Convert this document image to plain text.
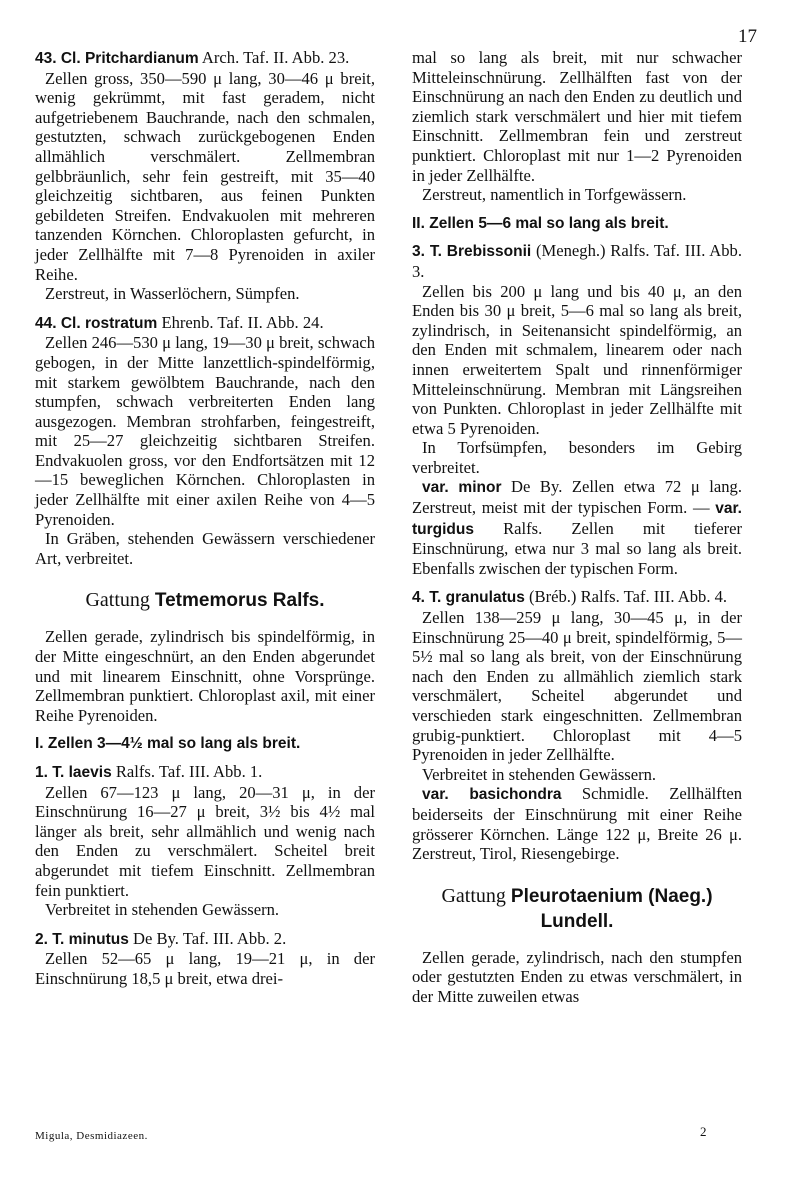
17

43. Cl. Pritchardianum Arch. Taf. II. Abb. 23.

Zellen gross, 350—590 μ lang, 30—46 μ breit, wenig gekrümmt, mit fast geradem, nicht aufgetriebenem Bauchrande, nach den schmalen, gestutzten, schwach zurückgebogenen Enden allmählich verschmälert. Zellmembran gelbbräunlich, sehr fein gestreift, mit 35—40 gleichzeitig sichtbaren, aus feinen Punkten gebildeten Streifen. Endvakuolen mit mehreren tanzenden Körnchen. Chloroplasten gefurcht, in jeder Zellhälfte mit 7—8 Pyrenoiden in axiler Reihe.

Zerstreut, in Wasserlöchern, Sümpfen.

44. Cl. rostratum Ehrenb. Taf. II. Abb. 24.

Zellen 246—530 μ lang, 19—30 μ breit, schwach gebogen, in der Mitte lanzettlich-spindelförmig, mit starkem gewölbtem Bauchrande, nach den stumpfen, schwach verbreiterten Enden lang ausgezogen. Membran strohfarben, feingestreift, mit 25—27 gleichzeitig sichtbaren Streifen. Endvakuolen gross, vor den Endfortsätzen mit 12—15 beweglichen Körnchen. Chloroplasten in jeder Zellhälfte mit einer axilen Reihe von 4—5 Pyrenoiden.

In Gräben, stehenden Gewässern verschiedener Art, verbreitet.

Gattung Tetmemorus Ralfs.

Zellen gerade, zylindrisch bis spindelförmig, in der Mitte eingeschnürt, an den Enden abgerundet und mit linearem Einschnitt, ohne Vorsprünge. Zellmembran punktiert. Chloroplast axil, mit einer Reihe Pyrenoiden.

I. Zellen 3—4½ mal so lang als breit.

1. T. laevis Ralfs. Taf. III. Abb. 1.

Zellen 67—123 μ lang, 20—31 μ, in der Einschnürung 16—27 μ breit, 3½ bis 4½ mal länger als breit, sehr allmählich und wenig nach den Enden zu verschmälert. Scheitel breit abgerundet mit tiefem Einschnitt. Zellmembran fein punktiert.

Verbreitet in stehenden Gewässern.

2. T. minutus De By. Taf. III. Abb. 2.

Zellen 52—65 μ lang, 19—21 μ, in der Einschnürung 18,5 μ breit, etwa drei-

mal so lang als breit, mit nur schwacher Mitteleinschnürung. Zellhälften fast von der Einschnürung an nach den Enden zu deutlich und ziemlich stark verschmälert und hier mit tiefem Einschnitt. Zellmembran fein und zerstreut punktiert. Chloroplast mit nur 1—2 Pyrenoiden in jeder Zellhälfte.

Zerstreut, namentlich in Torfgewässern.

II. Zellen 5—6 mal so lang als breit.

3. T. Brebissonii (Menegh.) Ralfs. Taf. III. Abb. 3.

Zellen bis 200 μ lang und bis 40 μ, an den Enden bis 30 μ breit, 5—6 mal so lang als breit, zylindrisch, in Seitenansicht spindelförmig, an den Enden mit schmalem, linearem oder nach innen erweitertem Spalt und rinnenförmiger Mitteleinschnürung. Membran mit Längsreihen von Punkten. Chloroplast in jeder Zellhälfte mit etwa 5 Pyrenoiden.

In Torfsümpfen, besonders im Gebirg verbreitet.

var. minor De By. Zellen etwa 72 μ lang. Zerstreut, meist mit der typischen Form. — var. turgidus Ralfs. Zellen mit tieferer Einschnürung, etwa nur 3 mal so lang als breit. Ebenfalls zwischen der typischen Form.

4. T. granulatus (Bréb.) Ralfs. Taf. III. Abb. 4.

Zellen 138—259 μ lang, 30—45 μ, in der Einschnürung 25—40 μ breit, spindelförmig, 5—5½ mal so lang als breit, von der Einschnürung nach den Enden zu allmählich ziemlich stark verschmälert, Scheitel abgerundet und verschieden stark eingeschnitten. Zellmembran grubig-punktiert. Chloroplast mit 4—5 Pyrenoiden in jeder Zellhälfte.

Verbreitet in stehenden Gewässern.

var. basichondra Schmidle. Zellhälften beiderseits der Einschnürung mit einer Reihe grösserer Körnchen. Länge 122 μ, Breite 26 μ. Zerstreut, Tirol, Riesengebirge.

Gattung Pleurotaenium (Naeg.) Lundell.

Zellen gerade, zylindrisch, nach den stumpfen oder gestutzten Enden zu etwas verschmälert, in der Mitte zuweilen etwas

Migula, Desmidiazeen.	2
